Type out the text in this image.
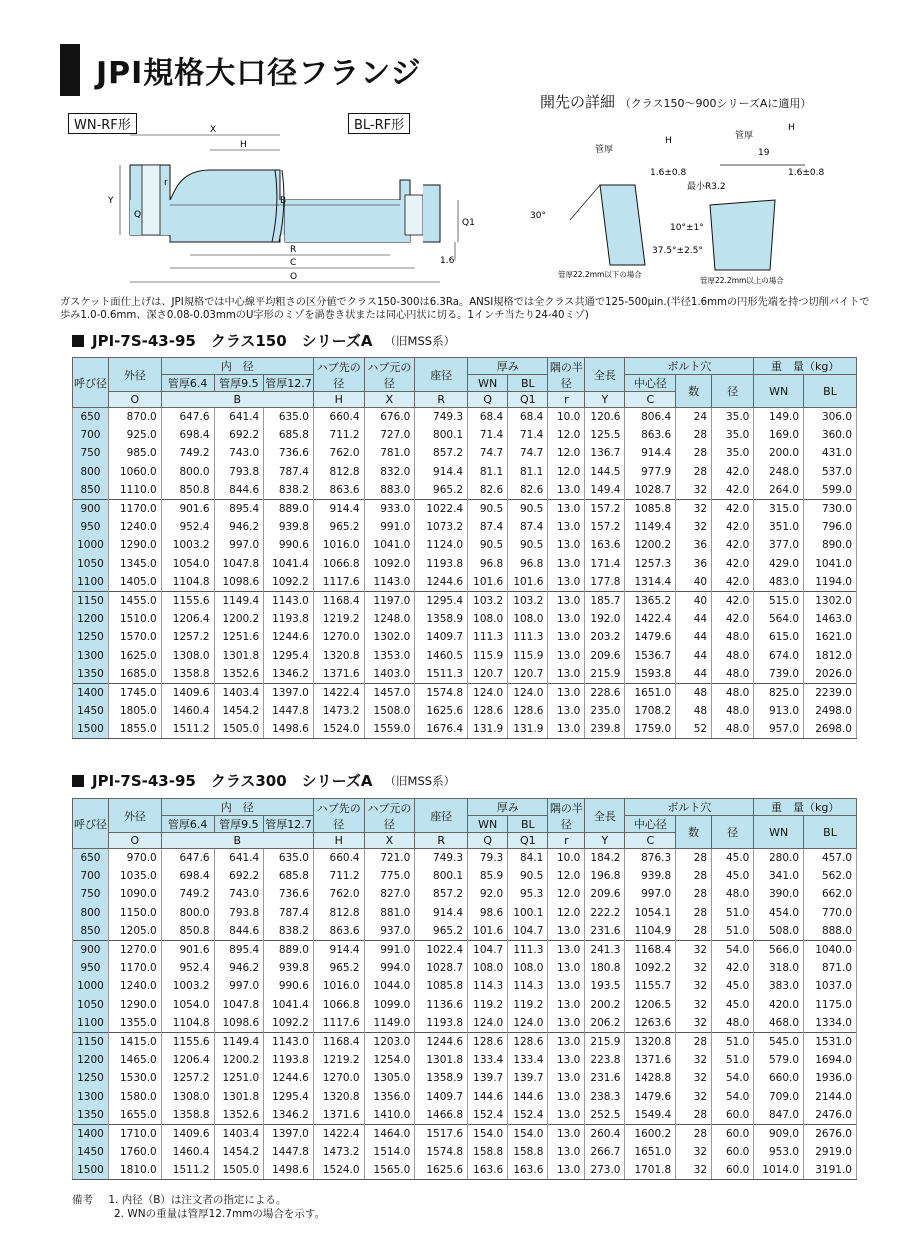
JPI規格大口径フランジ
WN-RF形	BL-RF形
開先の詳細 （クラス150～900シリーズAに適用）
X
H
B
R
C
O
Y
Q
Q1
r
1.6
管厚
H
1.6±0.8
30°
管厚22.2mm以下の場合
管厚
H
19
1.6±0.8
最小R3.2
10°±1°
37.5°±2.5°
管厚22.2mm以上の場合
ガスケット面仕上げは、JPI規格では中心線平均粗さの区分値でクラス150-300は6.3Ra。ANSI規格では全クラス共通で125-500μin.(半径1.6mmの円形先端を持つ切削バイトで歩み1.0-0.6mm、深さ0.08-0.03mmのU字形のミゾを渦巻き状または同心円状に切る。1インチ当たり24-40ミゾ)
JPI-7S-43-95　クラス150　シリーズA （旧MSS系）
呼び径	外径	内　径			ハブ先の径	ハブ元の径	座径	厚み		隅の半径	全長	ボルト穴			重　量（kg）	
		管厚6.4	管厚9.5	管厚12.7				WN	BL			中心径	数	径	WN	BL
	O	B			H	X	R	Q	Q1	r	Y	C				
650	870.0	647.6	641.4	635.0	660.4	676.0	749.3	68.4	68.4	10.0	120.6	806.4	24	35.0	149.0	306.0
700	925.0	698.4	692.2	685.8	711.2	727.0	800.1	71.4	71.4	12.0	125.5	863.6	28	35.0	169.0	360.0
750	985.0	749.2	743.0	736.6	762.0	781.0	857.2	74.7	74.7	12.0	136.7	914.4	28	35.0	200.0	431.0
800	1060.0	800.0	793.8	787.4	812.8	832.0	914.4	81.1	81.1	12.0	144.5	977.9	28	42.0	248.0	537.0
850	1110.0	850.8	844.6	838.2	863.6	883.0	965.2	82.6	82.6	13.0	149.4	1028.7	32	42.0	264.0	599.0
900	1170.0	901.6	895.4	889.0	914.4	933.0	1022.4	90.5	90.5	13.0	157.2	1085.8	32	42.0	315.0	730.0
950	1240.0	952.4	946.2	939.8	965.2	991.0	1073.2	87.4	87.4	13.0	157.2	1149.4	32	42.0	351.0	796.0
1000	1290.0	1003.2	997.0	990.6	1016.0	1041.0	1124.0	90.5	90.5	13.0	163.6	1200.2	36	42.0	377.0	890.0
1050	1345.0	1054.0	1047.8	1041.4	1066.8	1092.0	1193.8	96.8	96.8	13.0	171.4	1257.3	36	42.0	429.0	1041.0
1100	1405.0	1104.8	1098.6	1092.2	1117.6	1143.0	1244.6	101.6	101.6	13.0	177.8	1314.4	40	42.0	483.0	1194.0
1150	1455.0	1155.6	1149.4	1143.0	1168.4	1197.0	1295.4	103.2	103.2	13.0	185.7	1365.2	40	42.0	515.0	1302.0
1200	1510.0	1206.4	1200.2	1193.8	1219.2	1248.0	1358.9	108.0	108.0	13.0	192.0	1422.4	44	42.0	564.0	1463.0
1250	1570.0	1257.2	1251.6	1244.6	1270.0	1302.0	1409.7	111.3	111.3	13.0	203.2	1479.6	44	48.0	615.0	1621.0
1300	1625.0	1308.0	1301.8	1295.4	1320.8	1353.0	1460.5	115.9	115.9	13.0	209.6	1536.7	44	48.0	674.0	1812.0
1350	1685.0	1358.8	1352.6	1346.2	1371.6	1403.0	1511.3	120.7	120.7	13.0	215.9	1593.8	44	48.0	739.0	2026.0
1400	1745.0	1409.6	1403.4	1397.0	1422.4	1457.0	1574.8	124.0	124.0	13.0	228.6	1651.0	48	48.0	825.0	2239.0
1450	1805.0	1460.4	1454.2	1447.8	1473.2	1508.0	1625.6	128.6	128.6	13.0	235.0	1708.2	48	48.0	913.0	2498.0
1500	1855.0	1511.2	1505.0	1498.6	1524.0	1559.0	1676.4	131.9	131.9	13.0	239.8	1759.0	52	48.0	957.0	2698.0
JPI-7S-43-95　クラス300　シリーズA （旧MSS系）
呼び径	外径	内　径			ハブ先の径	ハブ元の径	座径	厚み		隅の半径	全長	ボルト穴			重　量（kg）	
		管厚6.4	管厚9.5	管厚12.7				WN	BL			中心径	数	径	WN	BL
	O	B			H	X	R	Q	Q1	r	Y	C				
650	970.0	647.6	641.4	635.0	660.4	721.0	749.3	79.3	84.1	10.0	184.2	876.3	28	45.0	280.0	457.0
700	1035.0	698.4	692.2	685.8	711.2	775.0	800.1	85.9	90.5	12.0	196.8	939.8	28	45.0	341.0	562.0
750	1090.0	749.2	743.0	736.6	762.0	827.0	857.2	92.0	95.3	12.0	209.6	997.0	28	48.0	390.0	662.0
800	1150.0	800.0	793.8	787.4	812.8	881.0	914.4	98.6	100.1	12.0	222.2	1054.1	28	51.0	454.0	770.0
850	1205.0	850.8	844.6	838.2	863.6	937.0	965.2	101.6	104.7	13.0	231.6	1104.9	28	51.0	508.0	888.0
900	1270.0	901.6	895.4	889.0	914.4	991.0	1022.4	104.7	111.3	13.0	241.3	1168.4	32	54.0	566.0	1040.0
950	1170.0	952.4	946.2	939.8	965.2	994.0	1028.7	108.0	108.0	13.0	180.8	1092.2	32	42.0	318.0	871.0
1000	1240.0	1003.2	997.0	990.6	1016.0	1044.0	1085.8	114.3	114.3	13.0	193.5	1155.7	32	45.0	383.0	1037.0
1050	1290.0	1054.0	1047.8	1041.4	1066.8	1099.0	1136.6	119.2	119.2	13.0	200.2	1206.5	32	45.0	420.0	1175.0
1100	1355.0	1104.8	1098.6	1092.2	1117.6	1149.0	1193.8	124.0	124.0	13.0	206.2	1263.6	32	48.0	468.0	1334.0
1150	1415.0	1155.6	1149.4	1143.0	1168.4	1203.0	1244.6	128.6	128.6	13.0	215.9	1320.8	28	51.0	545.0	1531.0
1200	1465.0	1206.4	1200.2	1193.8	1219.2	1254.0	1301.8	133.4	133.4	13.0	223.8	1371.6	32	51.0	579.0	1694.0
1250	1530.0	1257.2	1251.0	1244.6	1270.0	1305.0	1358.9	139.7	139.7	13.0	231.6	1428.8	32	54.0	660.0	1936.0
1300	1580.0	1308.0	1301.8	1295.4	1320.8	1356.0	1409.7	144.6	144.6	13.0	238.3	1479.6	32	54.0	709.0	2144.0
1350	1655.0	1358.8	1352.6	1346.2	1371.6	1410.0	1466.8	152.4	152.4	13.0	252.5	1549.4	28	60.0	847.0	2476.0
1400	1710.0	1409.6	1403.4	1397.0	1422.4	1464.0	1517.6	154.0	154.0	13.0	260.4	1600.2	28	60.0	909.0	2676.0
1450	1760.0	1460.4	1454.2	1447.8	1473.2	1514.0	1574.8	158.8	158.8	13.0	266.7	1651.0	32	60.0	953.0	2919.0
1500	1810.0	1511.2	1505.0	1498.6	1524.0	1565.0	1625.6	163.6	163.6	13.0	273.0	1701.8	32	60.0	1014.0	3191.0
備考 1. 内径（B）は注文者の指定による。
2. WNの重量は管厚12.7mmの場合を示す。
